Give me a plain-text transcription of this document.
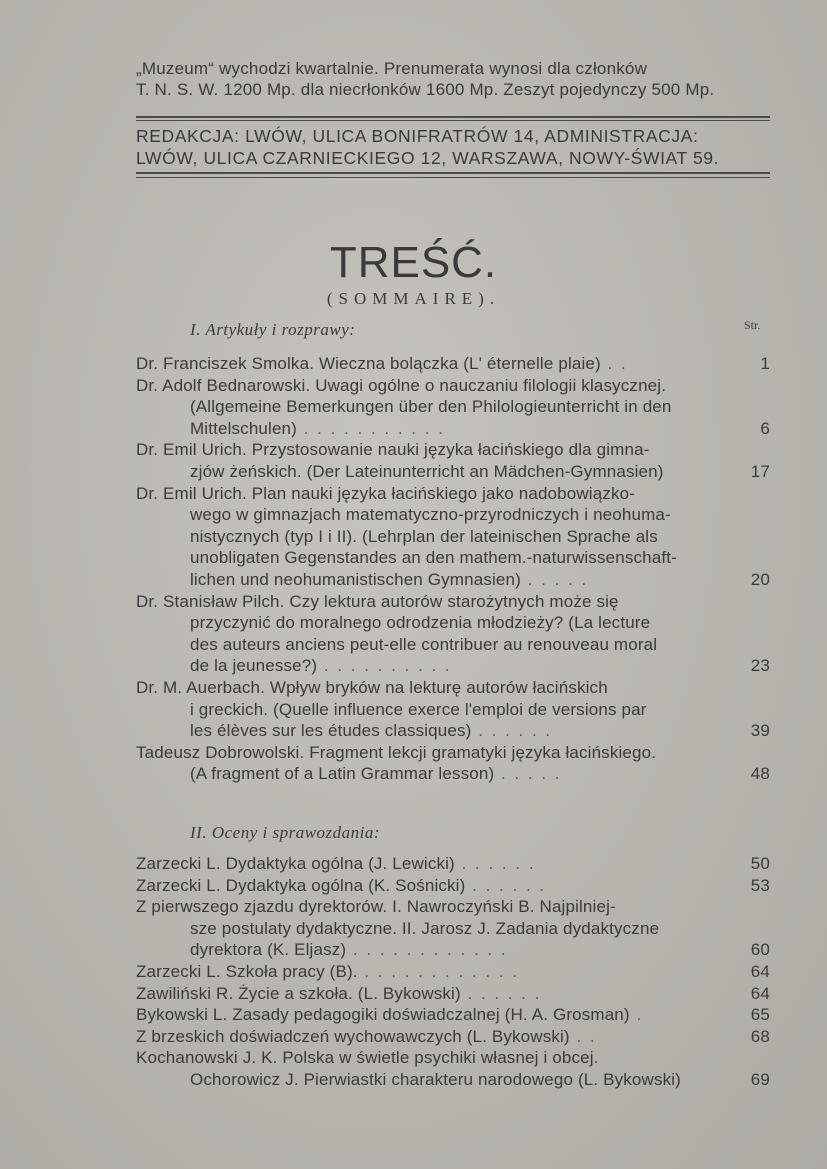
„Muzeum“ wychodzi kwartalnie. Prenumerata wynosi dla członków
T. N. S. W. 1200 Mp. dla niecrłonków 1600 Mp. Zeszyt pojedynczy 500 Mp.
REDAKCJA: LWÓW, ULICA BONIFRATRÓW 14, ADMINISTRACJA:
LWÓW, ULICA CZARNIECKIEGO 12, WARSZAWA, NOWY-ŚWIAT 59.
TREŚĆ.
(SOMMAIRE).
Str.
I. Artykuły i rozprawy:
Dr. Franciszek Smolka. Wieczna bolączka (L' éternelle plaie) . .	1
Dr. Adolf Bednarowski. Uwagi ogólne o nauczaniu filologii klasycznej.
(Allgemeine Bemerkungen über den Philologieunterricht in den
Mittelschulen) . . . . . . . . . . .	6
Dr. Emil Urich. Przystosowanie nauki języka łacińskiego dla gimna-
zjów żeńskich. (Der Lateinunterricht an Mädchen-Gymnasien)	17
Dr. Emil Urich. Plan nauki języka łacińskiego jako nadobowiązko-
wego w gimnazjach matematyczno-przyrodniczych i neohuma-
nistycznych (typ I i II). (Lehrplan der lateinischen Sprache als
unobligaten Gegenstandes an den mathem.-naturwissenschaft-
lichen und neohumanistischen Gymnasien) . . . . .	20
Dr. Stanisław Pilch. Czy lektura autorów starożytnych może się
przyczynić do moralnego odrodzenia młodzieży? (La lecture
des auteurs anciens peut-elle contribuer au renouveau moral
de la jeunesse?) . . . . . . . . . .	23
Dr. M. Auerbach. Wpływ bryków na lekturę autorów łacińskich
i greckich. (Quelle influence exerce l'emploi de versions par
les élèves sur les études classiques) . . . . . .	39
Tadeusz Dobrowolski. Fragment lekcji gramatyki języka łacińskiego.
(A fragment of a Latin Grammar lesson) . . . . .	48
II. Oceny i sprawozdania:
Zarzecki L. Dydaktyka ogólna (J. Lewicki) . . . . . .	50
Zarzecki L. Dydaktyka ogólna (K. Sośnicki) . . . . . .	53
Z pierwszego zjazdu dyrektorów. I. Nawroczyński B. Najpilniej-
sze postulaty dydaktyczne. II. Jarosz J. Zadania dydaktyczne
dyrektora (K. Eljasz) . . . . . . . . . . . .	60
Zarzecki L. Szkoła pracy (B). . . . . . . . . . . . .	64
Zawiliński R. Życie a szkoła. (L. Bykowski) . . . . . .	64
Bykowski L. Zasady pedagogiki doświadczalnej (H. A. Grosman) .	65
Z brzeskich doświadczeń wychowawczych (L. Bykowski) . .	68
Kochanowski J. K. Polska w świetle psychiki własnej i obcej.
Ochorowicz J. Pierwiastki charakteru narodowego (L. Bykowski)	69
